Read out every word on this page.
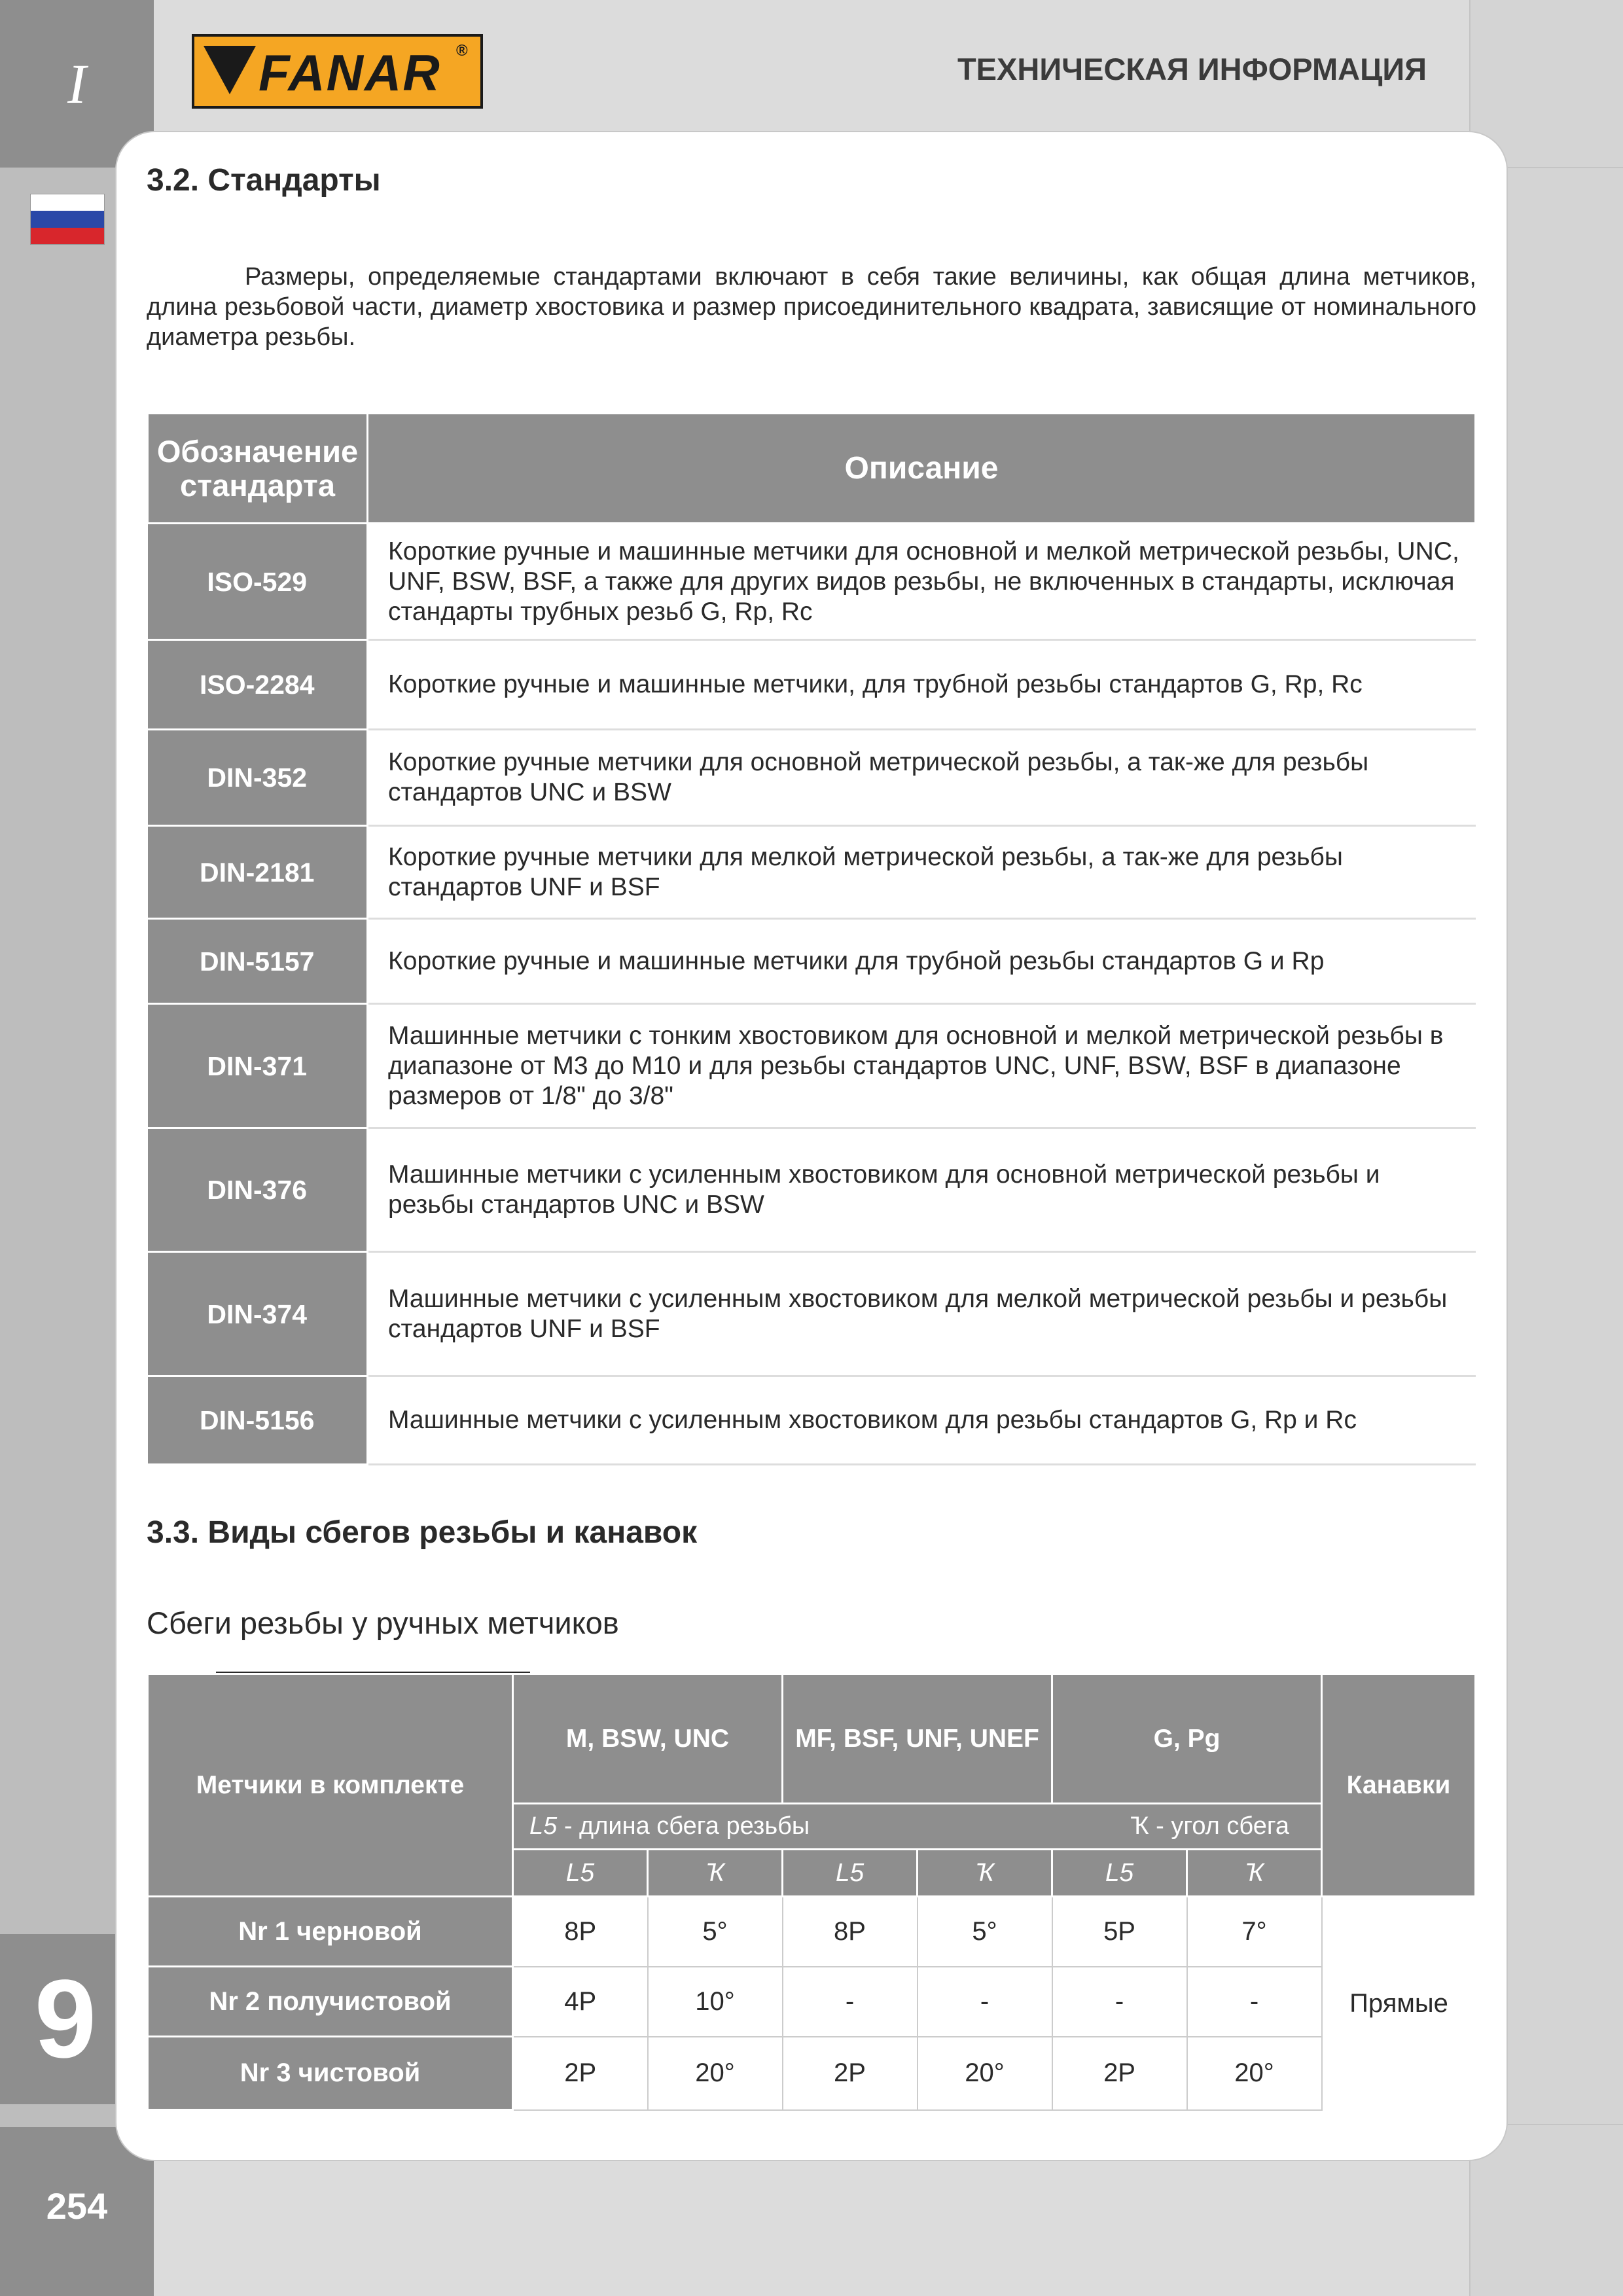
I
9
254
FANAR ®
ТЕХНИЧЕСКАЯ ИНФОРМАЦИЯ
3.2. Стандарты

Размеры, определяемые стандартами включают в себя такие величины, как общая длина метчиков, длина резьбовой части, диаметр хвостовика и размер присоединительного квадрата, зависящие от номинального диаметра резьбы.

Обозначение стандарта	Описание
ISO-529	Короткие ручные и машинные метчики для основной и мелкой метрической резьбы, UNC, UNF, BSW, BSF, а также для других видов резьбы, не включенных в стандарты, исключая стандарты трубных резьб G, Rp, Rc
ISO-2284	Короткие ручные и машинные метчики, для трубной резьбы стандартов G, Rp, Rc
DIN-352	Короткие ручные метчики для основной метрической резьбы, а так-же для резьбы стандартов UNC и BSW
DIN-2181	Короткие ручные метчики для мелкой метрической резьбы, а так-же для резьбы стандартов UNF и BSF
DIN-5157	Короткие ручные и машинные метчики для трубной резьбы стандартов G и Rp
DIN-371	Машинные метчики с тонким хвостовиком для основной и мелкой метрической резьбы в диапазоне от М3 до М10 и для резьбы стандартов UNC, UNF, BSW, BSF в диапазоне размеров от 1/8" до 3/8"
DIN-376	Машинные метчики с усиленным хвостовиком для основной метрической резьбы и резьбы стандартов UNC и BSW
DIN-374	Машинные метчики с усиленным хвостовиком для мелкой метрической резьбы и резьбы стандартов UNF и BSF
DIN-5156	Машинные метчики с усиленным хвостовиком для резьбы стандартов G, Rp и Rc
3.3. Виды сбегов резьбы и канавок
Сбеги резьбы у ручных метчиков
Метчики в комплекте	M, BSW, UNC		MF, BSF, UNF, UNEF		G, Pg		Канавки
	L5 - длина сбега резьбы Ҡ - угол сбега						

	L5	Ҡ	L5	Ҡ	L5	Ҡ	
Nr 1 черновой	8P	5°	8P	5°	5P	7°	Прямые
Nr 2 получистовой	4P	10°	-	-	-	-	
Nr 3 чистовой	2P	20°	2P	20°	2P	20°	
